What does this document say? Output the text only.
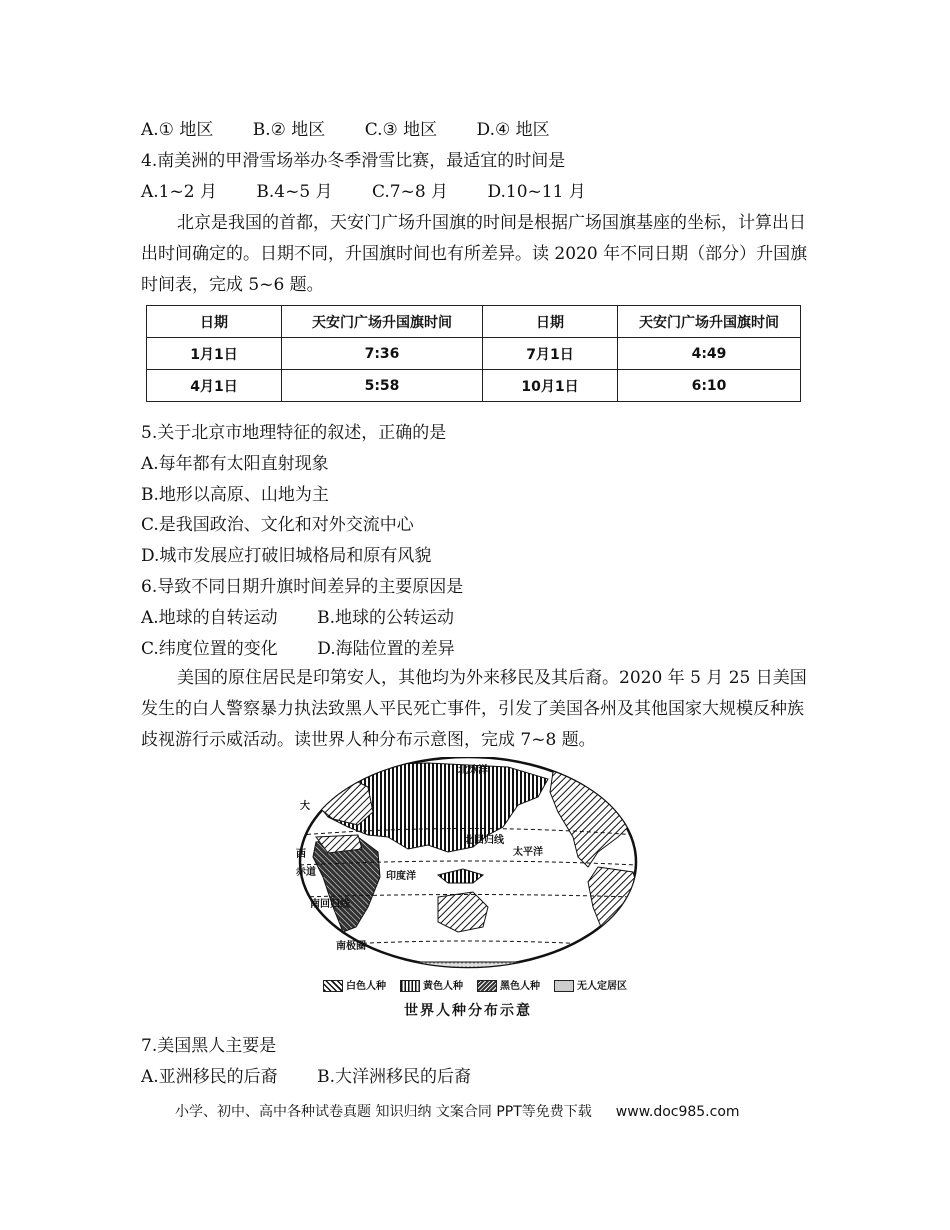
A.① 地区 B.② 地区 C.③ 地区 D.④ 地区
4.南美洲的甲滑雪场举办冬季滑雪比赛，最适宜的时间是
A.1~2 月 B.4~5 月 C.7~8 月 D.10~11 月
北京是我国的首都，天安门广场升国旗的时间是根据广场国旗基座的坐标，计算出日出时间确定的。日期不同，升国旗时间也有所差异。读 2020 年不同日期（部分）升国旗时间表，完成 5~6 题。
日期	天安门广场升国旗时间	日期	天安门广场升国旗时间
1月1日	7:36	7月1日	4:49
4月1日	5:58	10月1日	6:10
5.关于北京市地理特征的叙述，正确的是
A.每年都有太阳直射现象
B.地形以高原、山地为主
C.是我国政治、文化和对外交流中心
D.城市发展应打破旧城格局和原有风貌
6.导致不同日期升旗时间差异的主要原因是
A.地球的自转运动 B.地球的公转运动
C.纬度位置的变化 D.海陆位置的差异
美国的原住居民是印第安人，其他均为外来移民及其后裔。2020 年 5 月 25 日美国发生的白人警察暴力执法致黑人平民死亡事件，引发了美国各州及其他国家大规模反种族歧视游行示威活动。读世界人种分布示意图，完成 7~8 题。
北冰洋
大
西
赤道
北回归线
太平洋
印度洋
南回归线
南极圈
白色人种	黄色人种	黑色人种	无人定居区
世界人种分布示意
7.美国黑人主要是
A.亚洲移民的后裔 B.大洋洲移民的后裔
小学、初中、高中各种试卷真题 知识归纳 文案合同 PPT等免费下载 www.doc985.com
